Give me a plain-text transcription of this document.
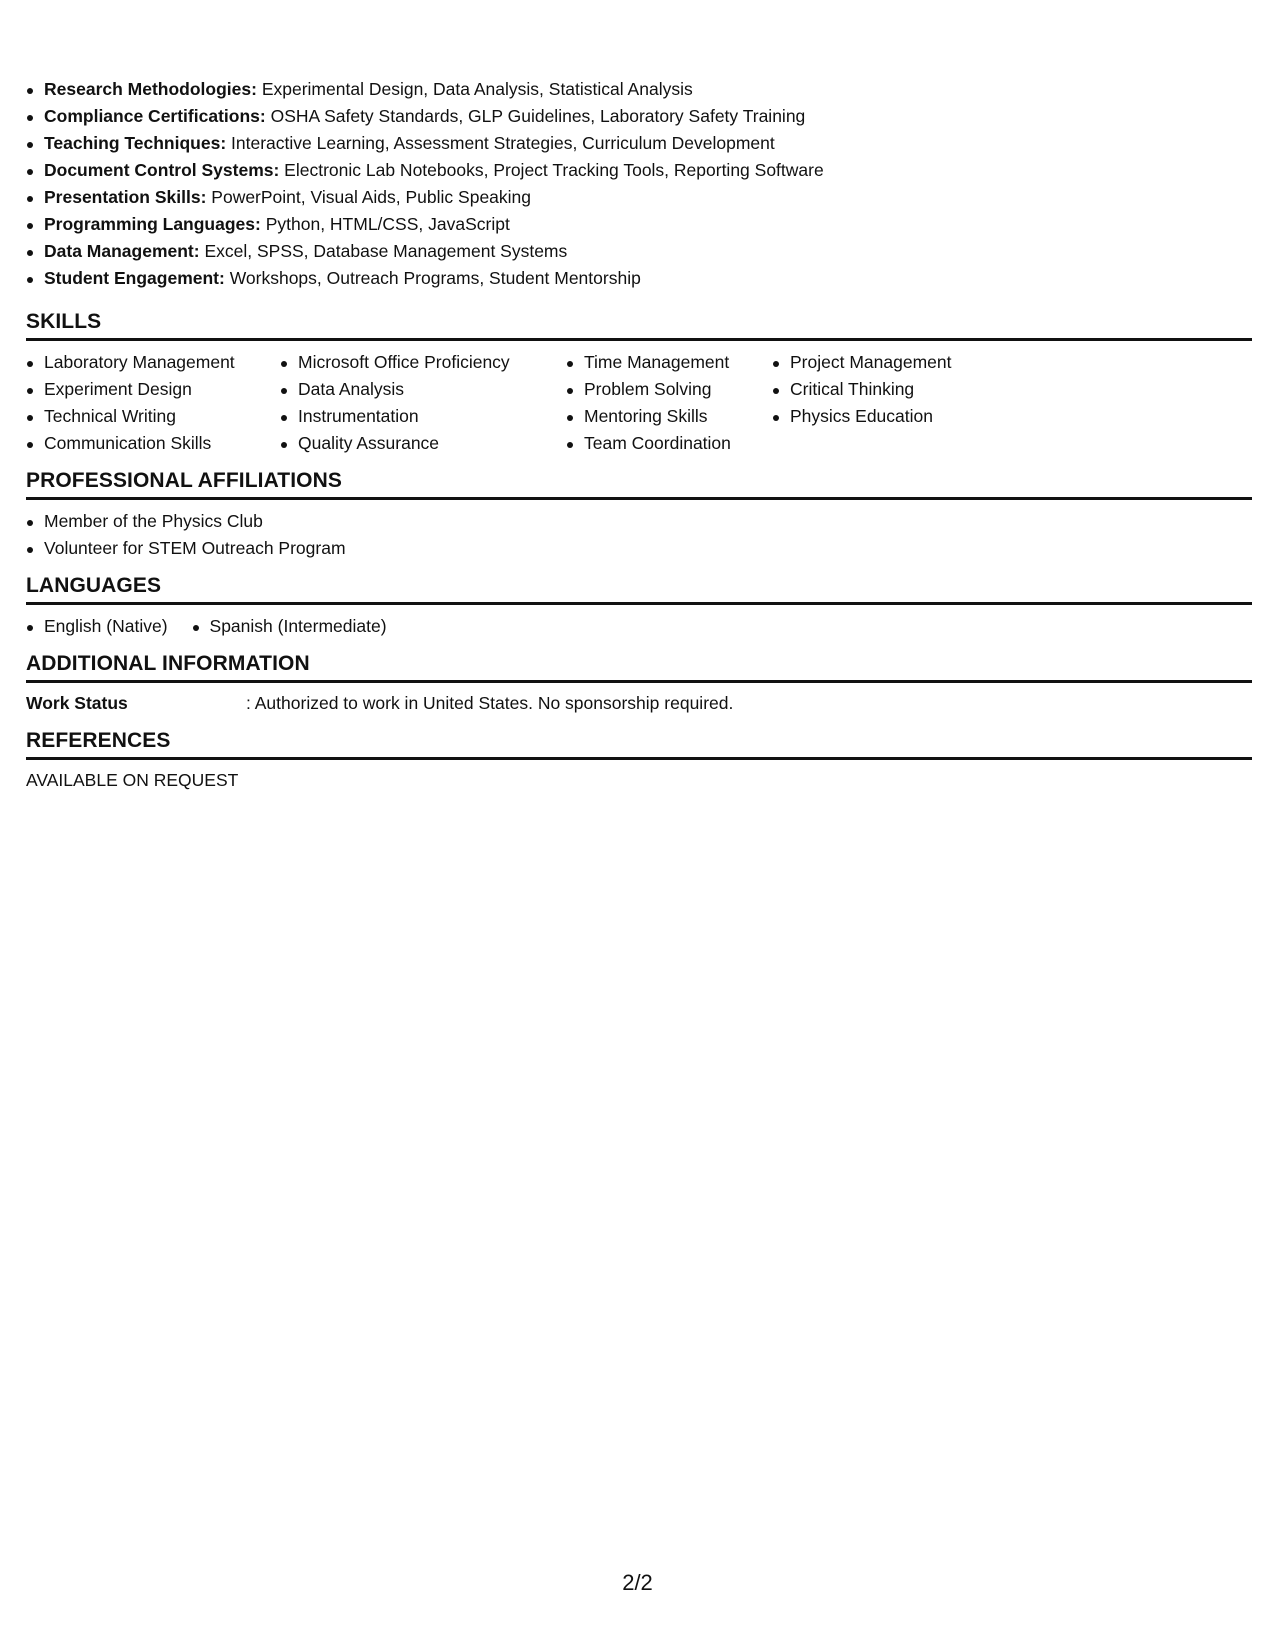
Research Methodologies: Experimental Design, Data Analysis, Statistical Analysis
Compliance Certifications: OSHA Safety Standards, GLP Guidelines, Laboratory Safety Training
Teaching Techniques: Interactive Learning, Assessment Strategies, Curriculum Development
Document Control Systems: Electronic Lab Notebooks, Project Tracking Tools, Reporting Software
Presentation Skills: PowerPoint, Visual Aids, Public Speaking
Programming Languages: Python, HTML/CSS, JavaScript
Data Management: Excel, SPSS, Database Management Systems
Student Engagement: Workshops, Outreach Programs, Student Mentorship
SKILLS
Laboratory Management
Experiment Design
Technical Writing
Communication Skills
Microsoft Office Proficiency
Data Analysis
Instrumentation
Quality Assurance
Time Management
Problem Solving
Mentoring Skills
Team Coordination
Project Management
Critical Thinking
Physics Education
PROFESSIONAL AFFILIATIONS
Member of the Physics Club
Volunteer for STEM Outreach Program
LANGUAGES
English (Native)	Spanish (Intermediate)
ADDITIONAL INFORMATION
Work Status	: Authorized to work in United States. No sponsorship required.
REFERENCES
AVAILABLE ON REQUEST
2/2
